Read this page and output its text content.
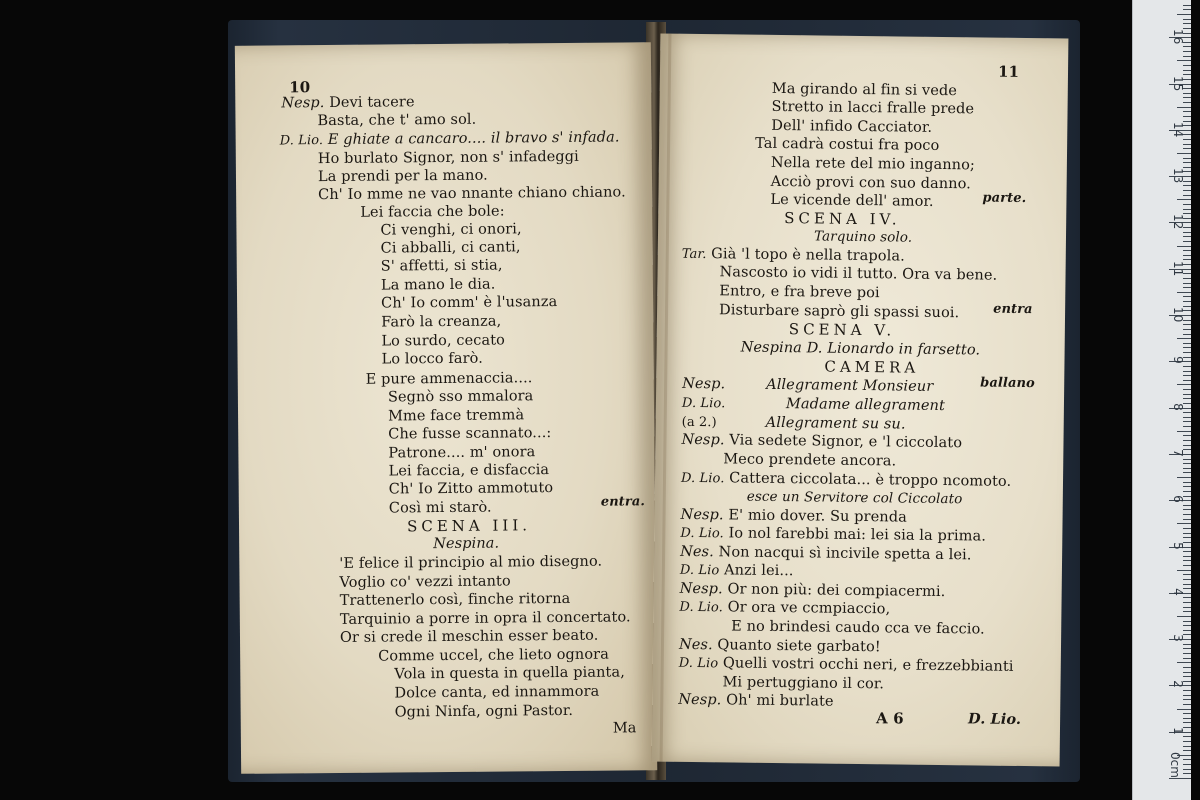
10
Nesp. Devi tacere
Basta, che t' amo sol.
D. Lio. E ghiate a cancaro.... il bravo s' infada.
Ho burlato Signor, non s' infadeggi
La prendi per la mano.
Ch' Io mme ne vao nnante chiano chiano.
Lei faccia che bole:
Ci venghi, ci onori,
Ci abballi, ci canti,
S' affetti, si stia,
La mano le dia.
Ch' Io comm' è l'usanza
Farò la creanza,
Lo surdo, cecato
Lo locco farò.
E pure ammenaccia....
Segnò sso mmalora
Mme face tremmà
Che fusse scannato...:
Patrone.... m' onora
Lei faccia, e disfaccia
Ch' Io Zitto ammotuto
Così mi starò.	entra.
SCENA III.
Nespina.
'E felice il principio al mio disegno.
Voglio co' vezzi intanto
Trattenerlo così, finche ritorna
Tarquinio a porre in opra il concertato.
Or si crede il meschin esser beato.
Comme uccel, che lieto ognora
Vola in questa in quella pianta,
Dolce canta, ed innammora
Ogni Ninfa, ogni Pastor.
Ma
11
Ma girando al fin si vede
Stretto in lacci fralle prede
Dell' infido Cacciator.
Tal cadrà costui fra poco
Nella rete del mio inganno;
Acciò provi con suo danno.
Le vicende dell' amor.	parte.
SCENA IV.
Tarquino solo.
Tar. Già 'l topo è nella trapola.
Nascosto io vidi il tutto. Ora va bene.
Entro, e fra breve poi
Disturbare saprò gli spassi suoi.	entra
SCENA V.
Nespina D. Lionardo in farsetto.
CAMERA
Nesp.	Allegrament Monsieur	ballano
D. Lio.	Madame allegrament
(a 2.)	Allegrament su su.
Nesp. Via sedete Signor, e 'l ciccolato
Meco prendete ancora.
D. Lio. Cattera ciccolata... è troppo ncomoto.
esce un Servitore col Ciccolato
Nesp. E' mio dover. Su prenda
D. Lio. Io nol farebbi mai: lei sia la prima.
Nes. Non nacqui sì incivile spetta a lei.
D. Lio Anzi lei...
Nesp. Or non più: dei compiacermi.
D. Lio. Or ora ve ccmpiaccio,
E no brindesi caudo cca ve faccio.
Nes. Quanto siete garbato!
D. Lio Quelli vostri occhi neri, e frezzebbianti
Mi pertuggiano il cor.
Nesp. Oh' mi burlate
A 6	D. Lio.
0cm
1
2
3
4
5
6
7
8
9
10
11
12
13
14
15
16
